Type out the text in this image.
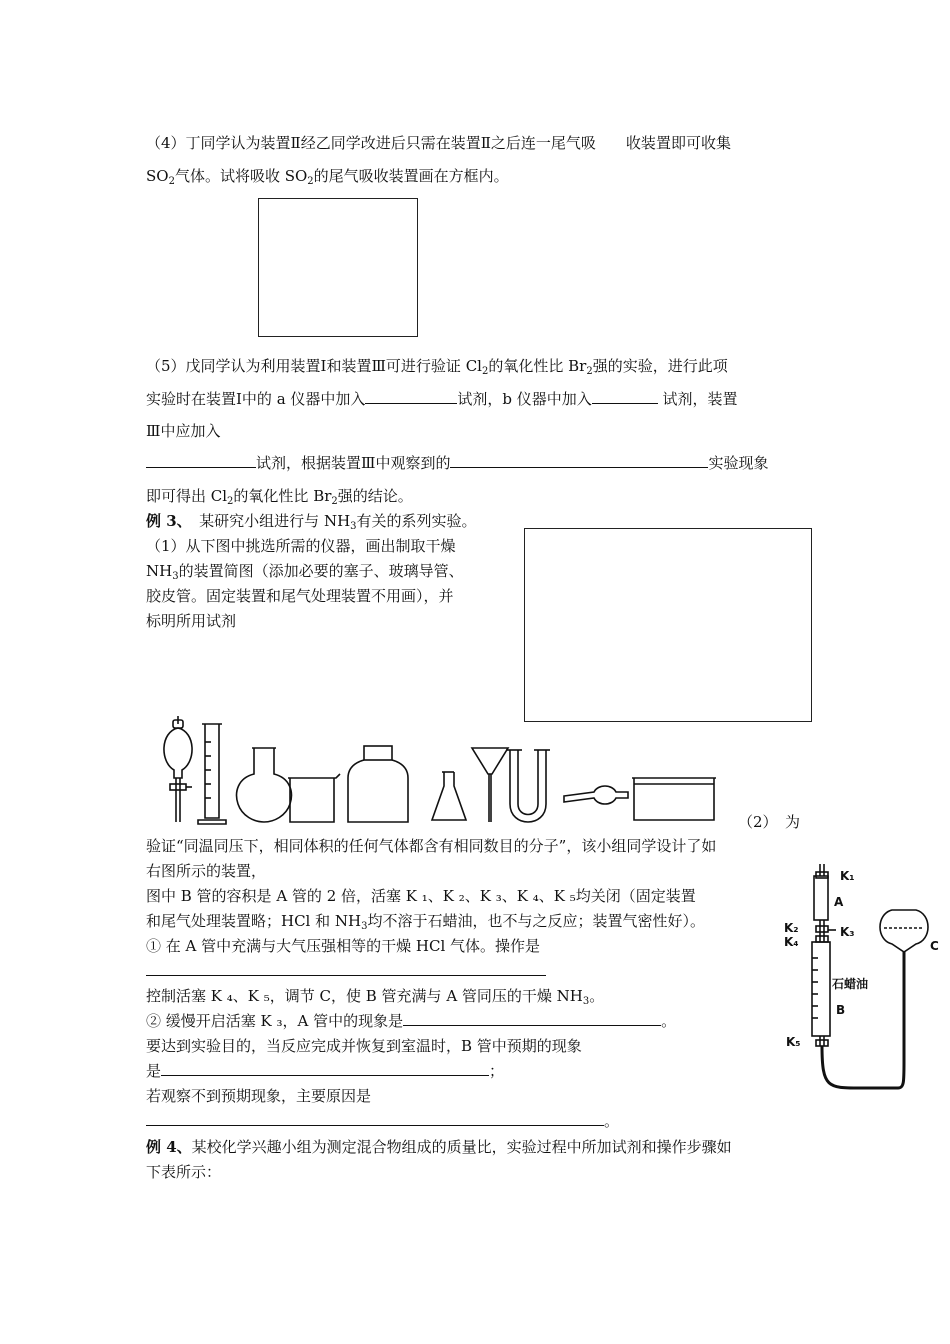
（4）丁同学认为装置Ⅱ经乙同学改进后只需在装置Ⅱ之后连一尾气吸　　收装置即可收集
$SO_2$气体。试将吸收 $SO_2$的尾气吸收装置画在方框内。
（5）戊同学认为利用装置Ⅰ和装置Ⅲ可进行验证 $Cl_2$的氧化性比 $Br_2$强的实验，进行此项
实验时在装置Ⅰ中的 a 仪器中加入	试剂，b 仪器中加入	试剂，装置
Ⅲ中应加入
试剂，根据装置Ⅲ中观察到的	实验现象
即可得出 $Cl_2$的氧化性比 $Br_2$强的结论。
例 3、　某研究小组进行与 $NH_3$有关的系列实验。
（1）从下图中挑选所需的仪器，画出制取干燥
$NH_3$的装置简图（添加必要的塞子、玻璃导管、
胶皮管。固定装置和尾气处理装置不用画），并
标明所用试剂
（2）　为
验证“同温同压下，相同体积的任何气体都含有相同数目的分子”，该小组同学设计了如
右图所示的装置，
图中 B 管的容积是 A 管的 2 倍，活塞 K ₁、K ₂、K ₃、K ₄、K ₅均关闭（固定装置
和尾气处理装置略；HCl 和 $NH_3$均不溶于石蜡油，也不与之反应；装置气密性好）。
① 在 A 管中充满与大气压强相等的干燥 HCl 气体。操作是
控制活塞 K ₄、K ₅，调节 C，使 B 管充满与 A 管同压的干燥 $NH_3$。
② 缓慢开启活塞 K ₃，A 管中的现象是	。
要达到实验目的，当反应完成并恢复到室温时，B 管中预期的现象
是	；
若观察不到预期现象，主要原因是
。
例 4、某校化学兴趣小组为测定混合物组成的质量比，实验过程中所加试剂和操作步骤如
下表所示：
K₁
A
K₂	K₃
K₄
石蜡油
B
K₅
C
